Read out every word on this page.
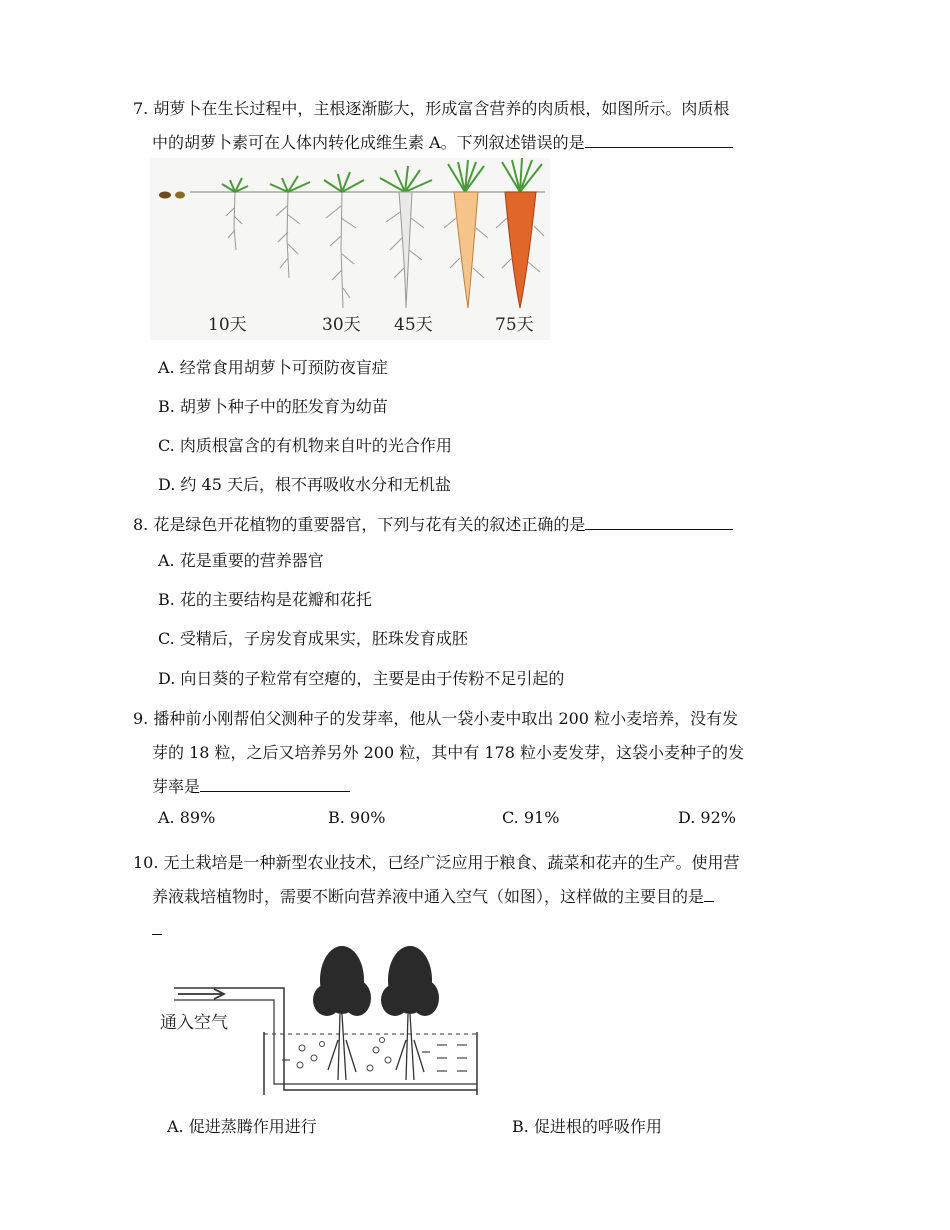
7. 胡萝卜在生长过程中，主根逐渐膨大，形成富含营养的肉质根，如图所示。肉质根
中的胡萝卜素可在人体内转化成维生素 A。下列叙述错误的是
10天	30天 45天	75天
A. 经常食用胡萝卜可预防夜盲症
B. 胡萝卜种子中的胚发育为幼苗
C. 肉质根富含的有机物来自叶的光合作用
D. 约 45 天后，根不再吸收水分和无机盐
8. 花是绿色开花植物的重要器官，下列与花有关的叙述正确的是
A. 花是重要的营养器官
B. 花的主要结构是花瓣和花托
C. 受精后，子房发育成果实，胚珠发育成胚
D. 向日葵的子粒常有空瘪的，主要是由于传粉不足引起的
9. 播种前小刚帮伯父测种子的发芽率，他从一袋小麦中取出 200 粒小麦培养，没有发
芽的 18 粒，之后又培养另外 200 粒，其中有 178 粒小麦发芽，这袋小麦种子的发
芽率是
A. 89%	B. 90%	C. 91%	D. 92%
10. 无土栽培是一种新型农业技术，已经广泛应用于粮食、蔬菜和花卉的生产。使用营
养液栽培植物时，需要不断向营养液中通入空气（如图），这样做的主要目的是
通入空气
A. 促进蒸腾作用进行	B. 促进根的呼吸作用
